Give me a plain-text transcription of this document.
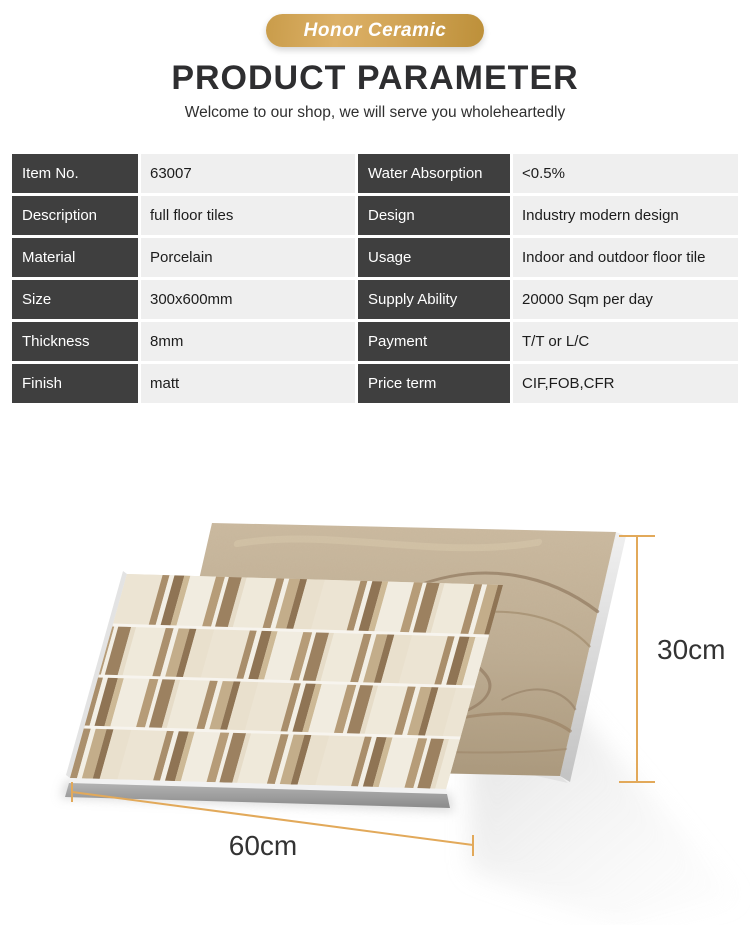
Honor Ceramic
PRODUCT PARAMETER
Welcome to our shop, we will serve you wholeheartedly
Item No.	63007	Water Absorption	<0.5%
Description	full floor tiles	Design	Industry modern design
Material	Porcelain	Usage	Indoor and outdoor floor tile
Size	300x600mm	Supply Ability	20000 Sqm per day
Thickness	8mm	Payment	T/T or L/C
Finish	matt	Price term	CIF,FOB,CFR
30cm
60cm
